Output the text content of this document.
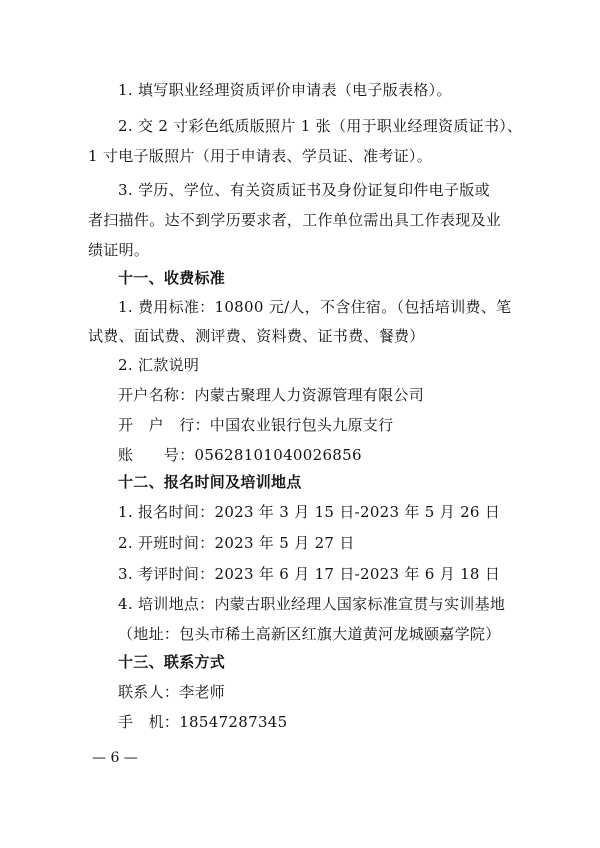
1. 填写职业经理资质评价申请表（电子版表格）。
2. 交 2 寸彩色纸质版照片 1 张（用于职业经理资质证书）、
1 寸电子版照片（用于申请表、学员证、准考证）。
3. 学历、学位、有关资质证书及身份证复印件电子版或
者扫描件。达不到学历要求者，工作单位需出具工作表现及业
绩证明。
十一、收费标准
1. 费用标准：10800 元/人，不含住宿。（包括培训费、笔
试费、面试费、测评费、资料费、证书费、餐费）
2. 汇款说明
开户名称：内蒙古聚理人力资源管理有限公司
开　户　行：中国农业银行包头九原支行
账　　号：05628101040026856
十二、报名时间及培训地点
1. 报名时间：2023 年 3 月 15 日-2023 年 5 月 26 日
2. 开班时间：2023 年 5 月 27 日
3. 考评时间：2023 年 6 月 17 日-2023 年 6 月 18 日
4. 培训地点：内蒙古职业经理人国家标准宣贯与实训基地
（地址：包头市稀土高新区红旗大道黄河龙城颐嘉学院）
十三、联系方式
联系人：李老师
手　机：18547287345
— 6 —
